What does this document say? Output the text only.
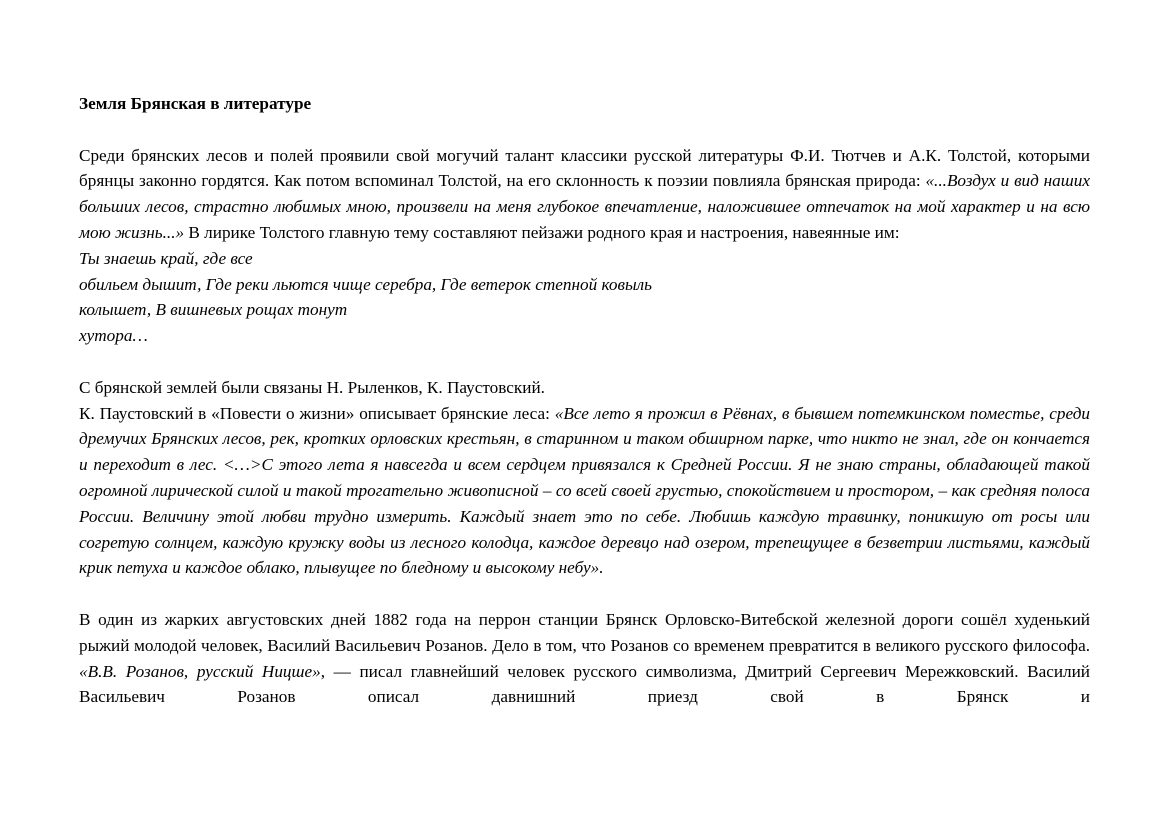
Земля Брянская в литературе

Среди брянских лесов и полей проявили свой могучий талант классики русской литературы Ф.И. Тютчев и А.К. Толстой, которыми брянцы законно гордятся. Как потом вспоминал Толстой, на его склонность к поэзии повлияла брянская природа: «...Воздух и вид наших больших лесов, страстно любимых мною, произвели на меня глубокое впечатление, наложившее отпечаток на мой характер и на всю мою жизнь...» В лирике Толстого главную тему составляют пейзажи родного края и настроения, навеянные им:

Ты знаешь край, где все
обильем дышит, Где реки льются чище серебра, Где ветерок степной ковыль
колышет, В вишневых рощах тонут
хутора…

С брянской землей были связаны Н. Рыленков, К. Паустовский.

К. Паустовский в «Повести о жизни» описывает брянские леса: «Все лето я прожил в Рёвнах, в бывшем потемкинском поместье, среди дремучих Брянских лесов, рек, кротких орловских крестьян, в старинном и таком обширном парке, что никто не знал, где он кончается и переходит в лес. <…>С этого лета я навсегда и всем сердцем привязался к Средней России. Я не знаю страны, обладающей такой огромной лирической силой и такой трогательно живописной – со всей своей грустью, спокойствием и простором, – как средняя полоса России. Величину этой любви трудно измерить. Каждый знает это по себе. Любишь каждую травинку, поникшую от росы или согретую солнцем, каждую кружку воды из лесного колодца, каждое деревцо над озером, трепещущее в безветрии листьями, каждый крик петуха и каждое облако, плывущее по бледному и высокому небу».

В один из жарких августовских дней 1882 года на перрон станции Брянск Орловско-Витебской железной дороги сошёл худенький рыжий молодой человек, Василий Васильевич Розанов. Дело в том, что Розанов со временем превратится в великого русского философа. «В.В. Розанов, русский Ницше», — писал главнейший человек русского символизма, Дмитрий Сергеевич Мережковский. Василий Васильевич Розанов описал давнишний приезд свой в Брянск и
